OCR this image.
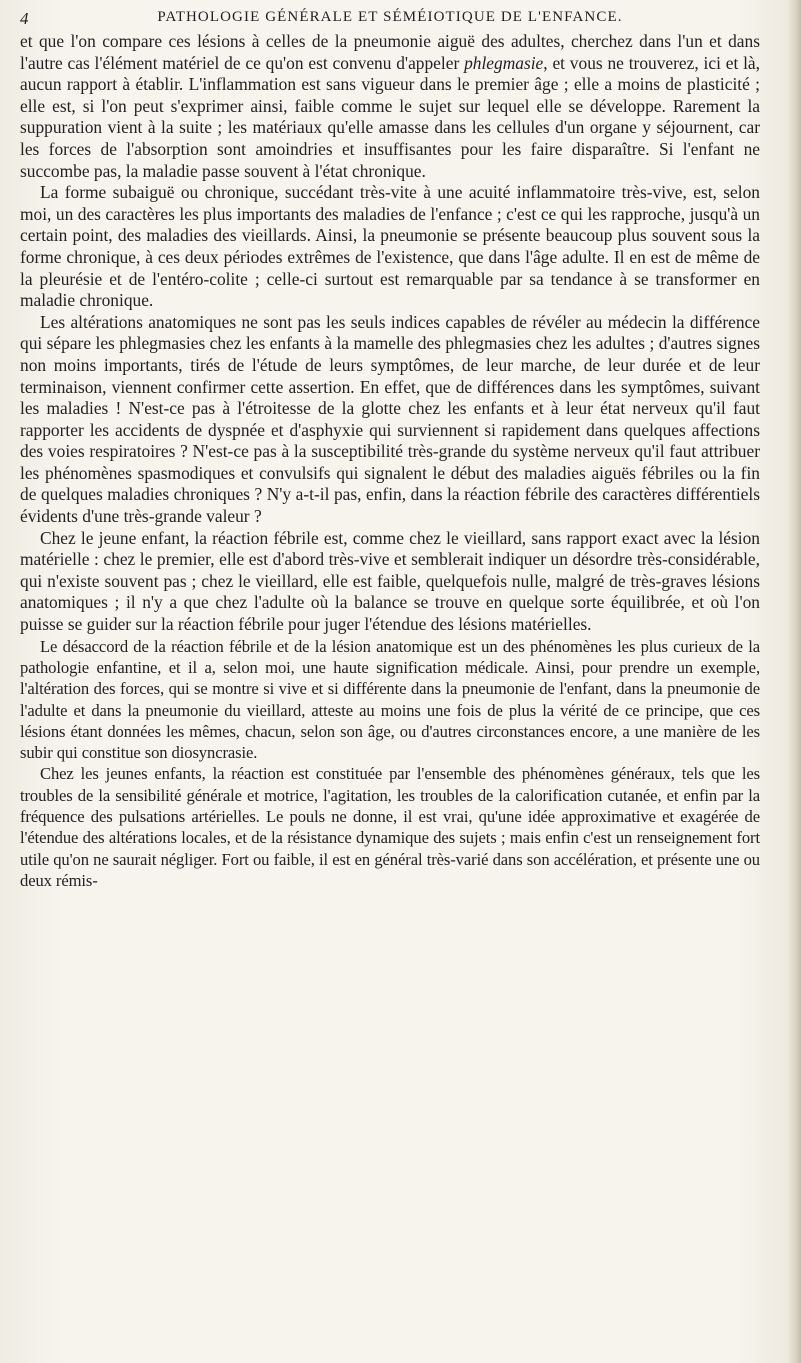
4	PATHOLOGIE GÉNÉRALE ET SÉMÉIOTIQUE DE L'ENFANCE.

et que l'on compare ces lésions à celles de la pneumonie aiguë des adultes, cherchez dans l'un et dans l'autre cas l'élément matériel de ce qu'on est convenu d'appeler phlegmasie, et vous ne trouverez, ici et là, aucun rapport à établir. L'inflammation est sans vigueur dans le premier âge ; elle a moins de plasticité ; elle est, si l'on peut s'exprimer ainsi, faible comme le sujet sur lequel elle se développe. Rarement la suppuration vient à la suite ; les matériaux qu'elle amasse dans les cellules d'un organe y séjournent, car les forces de l'absorption sont amoindries et insuffisantes pour les faire disparaître. Si l'enfant ne succombe pas, la maladie passe souvent à l'état chronique.

La forme subaiguë ou chronique, succédant très-vite à une acuité inflammatoire très-vive, est, selon moi, un des caractères les plus importants des maladies de l'enfance ; c'est ce qui les rapproche, jusqu'à un certain point, des maladies des vieillards. Ainsi, la pneumonie se présente beaucoup plus souvent sous la forme chronique, à ces deux périodes extrêmes de l'existence, que dans l'âge adulte. Il en est de même de la pleurésie et de l'entéro-colite ; celle-ci surtout est remarquable par sa tendance à se transformer en maladie chronique.

Les altérations anatomiques ne sont pas les seuls indices capables de révéler au médecin la différence qui sépare les phlegmasies chez les enfants à la mamelle des phlegmasies chez les adultes ; d'autres signes non moins importants, tirés de l'étude de leurs symptômes, de leur marche, de leur durée et de leur terminaison, viennent confirmer cette assertion. En effet, que de différences dans les symptômes, suivant les maladies ! N'est-ce pas à l'étroitesse de la glotte chez les enfants et à leur état nerveux qu'il faut rapporter les accidents de dyspnée et d'asphyxie qui surviennent si rapidement dans quelques affections des voies respiratoires ? N'est-ce pas à la susceptibilité très-grande du système nerveux qu'il faut attribuer les phénomènes spasmodiques et convulsifs qui signalent le début des maladies aiguës fébriles ou la fin de quelques maladies chroniques ? N'y a-t-il pas, enfin, dans la réaction fébrile des caractères différentiels évidents d'une très-grande valeur ?

Chez le jeune enfant, la réaction fébrile est, comme chez le vieillard, sans rapport exact avec la lésion matérielle : chez le premier, elle est d'abord très-vive et semblerait indiquer un désordre très-considérable, qui n'existe souvent pas ; chez le vieillard, elle est faible, quelquefois nulle, malgré de très-graves lésions anatomiques ; il n'y a que chez l'adulte où la balance se trouve en quelque sorte équilibrée, et où l'on puisse se guider sur la réaction fébrile pour juger l'étendue des lésions matérielles.

Le désaccord de la réaction fébrile et de la lésion anatomique est un des phénomènes les plus curieux de la pathologie enfantine, et il a, selon moi, une haute signification médicale. Ainsi, pour prendre un exemple, l'altération des forces, qui se montre si vive et si différente dans la pneumonie de l'enfant, dans la pneumonie de l'adulte et dans la pneumonie du vieillard, atteste au moins une fois de plus la vérité de ce principe, que ces lésions étant données les mêmes, chacun, selon son âge, ou d'autres circonstances encore, a une manière de les subir qui constitue son diosyncrasie.

Chez les jeunes enfants, la réaction est constituée par l'ensemble des phénomènes généraux, tels que les troubles de la sensibilité générale et motrice, l'agitation, les troubles de la calorification cutanée, et enfin par la fréquence des pulsations artérielles. Le pouls ne donne, il est vrai, qu'une idée approximative et exagérée de l'étendue des altérations locales, et de la résistance dynamique des sujets ; mais enfin c'est un renseignement fort utile qu'on ne saurait négliger. Fort ou faible, il est en général très-varié dans son accélération, et présente une ou deux rémis-
